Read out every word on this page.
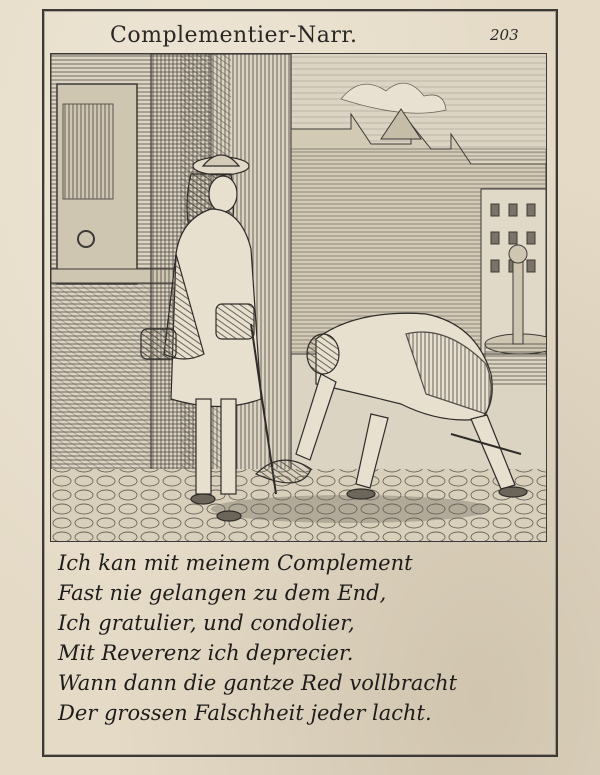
Complementier-Narr.	203
Ich kan mit meinem Complement
Fast nie gelangen zu dem End,
Ich gratulier, und condolier,
Mit Reverenz ich deprecier.
Wann dann die gantze Red vollbracht
Der grossen Falschheit jeder lacht.
